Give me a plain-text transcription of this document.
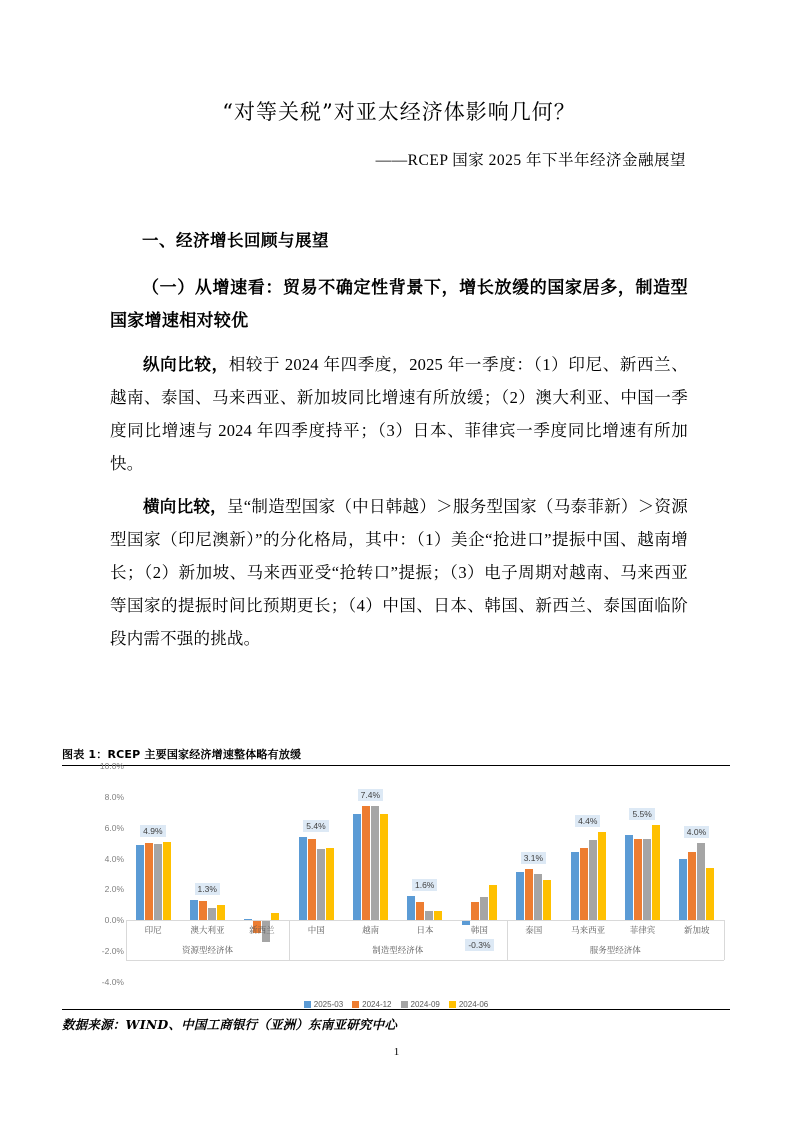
“对等关税”对亚太经济体影响几何？
——RCEP 国家 2025 年下半年经济金融展望
一、经济增长回顾与展望
（一）从增速看：贸易不确定性背景下，增长放缓的国家居多，制造型国家增速相对较优

纵向比较，相较于 2024 年四季度，2025 年一季度：（1）印尼、新西兰、越南、泰国、马来西亚、新加坡同比增速有所放缓；（2）澳大利亚、中国一季度同比增速与 2024 年四季度持平；（3）日本、菲律宾一季度同比增速有所加快。

横向比较，呈“制造型国家（中日韩越）＞服务型国家（马泰菲新）＞资源型国家（印尼澳新）”的分化格局，其中：（1）美企“抢进口”提振中国、越南增长；（2）新加坡、马来西亚受“抢转口”提振；（3）电子周期对越南、马来西亚等国家的提振时间比预期更长；（4）中国、日本、韩国、新西兰、泰国面临阶段内需不强的挑战。

图表 1：RCEP 主要国家经济增速整体略有放缓
10.0%
8.0%
6.0%
4.0%
2.0%
0.0%
-2.0%
-4.0%
4.9%
印尼
1.3%
澳大利亚	新西兰
5.4%
中国
7.4%
越南
1.6%
日本
-0.3%
韩国
3.1%
泰国
4.4%
马来西亚
5.5%
菲律宾
4.0%
新加坡
资源型经济体	制造型经济体	服务型经济体
2025-03 2024-12 2024-09 2024-06
数据来源：WIND、中国工商银行（亚洲）东南亚研究中心
1
